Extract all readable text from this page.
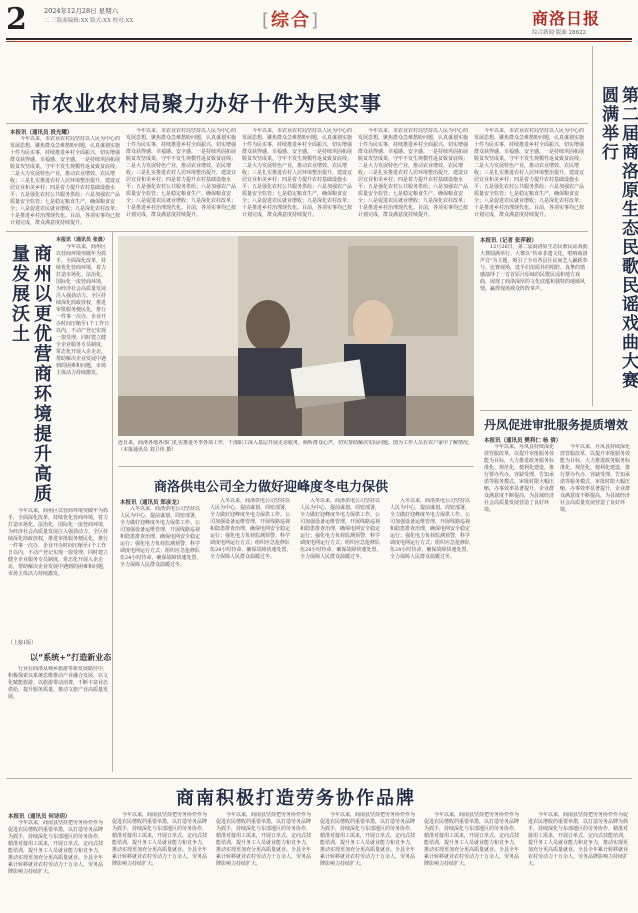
2	2024年12月28日 星期六
二 三版面编辑:XX 版式:XX 校对:XX	[综合]	商洛日报
综合新闻·版面 28622
市农业农村局聚力办好十件为民实事
本报讯（通讯员 段光耀）
今年以来，市农业农村局坚持以人民为中心的发展思想，聚焦群众急难愁盼问题，认真谋划实施十件为民实事，持续推进乡村全面振兴，切实增强群众获得感、幸福感、安全感。一是持续巩固拓展脱贫攻坚成果，守牢不发生规模性返贫致贫底线；二是大力发展特色产业，推动农业增效、农民增收；三是扎实推进农村人居环境整治提升，建设宜居宜业和美乡村；四是着力提升农村基础设施水平；五是强化农村公共服务供给；六是加强农产品质量安全监管；七是稳定粮食生产，确保粮食安全；八是促进农民就业增收；九是深化农村改革；十是推进乡村治理现代化。目前，各项实事均已按计划完成，群众满意度持续提升。
今年以来，市农业农村局坚持以人民为中心的发展思想，聚焦群众急难愁盼问题，认真谋划实施十件为民实事，持续推进乡村全面振兴，切实增强群众获得感、幸福感、安全感。一是持续巩固拓展脱贫攻坚成果，守牢不发生规模性返贫致贫底线；二是大力发展特色产业，推动农业增效、农民增收；三是扎实推进农村人居环境整治提升，建设宜居宜业和美乡村；四是着力提升农村基础设施水平；五是强化农村公共服务供给；六是加强农产品质量安全监管；七是稳定粮食生产，确保粮食安全；八是促进农民就业增收；九是深化农村改革；十是推进乡村治理现代化。目前，各项实事均已按计划完成，群众满意度持续提升。
今年以来，市农业农村局坚持以人民为中心的发展思想，聚焦群众急难愁盼问题，认真谋划实施十件为民实事，持续推进乡村全面振兴，切实增强群众获得感、幸福感、安全感。一是持续巩固拓展脱贫攻坚成果，守牢不发生规模性返贫致贫底线；二是大力发展特色产业，推动农业增效、农民增收；三是扎实推进农村人居环境整治提升，建设宜居宜业和美乡村；四是着力提升农村基础设施水平；五是强化农村公共服务供给；六是加强农产品质量安全监管；七是稳定粮食生产，确保粮食安全；八是促进农民就业增收；九是深化农村改革；十是推进乡村治理现代化。目前，各项实事均已按计划完成，群众满意度持续提升。
今年以来，市农业农村局坚持以人民为中心的发展思想，聚焦群众急难愁盼问题，认真谋划实施十件为民实事，持续推进乡村全面振兴，切实增强群众获得感、幸福感、安全感。一是持续巩固拓展脱贫攻坚成果，守牢不发生规模性返贫致贫底线；二是大力发展特色产业，推动农业增效、农民增收；三是扎实推进农村人居环境整治提升，建设宜居宜业和美乡村；四是着力提升农村基础设施水平；五是强化农村公共服务供给；六是加强农产品质量安全监管；七是稳定粮食生产，确保粮食安全；八是促进农民就业增收；九是深化农村改革；十是推进乡村治理现代化。目前，各项实事均已按计划完成，群众满意度持续提升。
今年以来，市农业农村局坚持以人民为中心的发展思想，聚焦群众急难愁盼问题，认真谋划实施十件为民实事，持续推进乡村全面振兴，切实增强群众获得感、幸福感、安全感。一是持续巩固拓展脱贫攻坚成果，守牢不发生规模性返贫致贫底线；二是大力发展特色产业，推动农业增效、农民增收；三是扎实推进农村人居环境整治提升，建设宜居宜业和美乡村；四是着力提升农村基础设施水平；五是强化农村公共服务供给；六是加强农产品质量安全监管；七是稳定粮食生产，确保粮食安全；八是促进农民就业增收；九是深化农村改革；十是推进乡村治理现代化。目前，各项实事均已按计划完成，群众满意度持续提升。	第二届商洛原生态民歌民谣戏曲大赛圆满举行
本报讯（记者 张萍毅）
12月26日，第二届商洛原生态民歌民谣戏曲大赛圆满举行。大赛以“传承非遗文化，唱响商洛声音”为主题，吸引了全市各县区民间艺人踊跃参与。比赛现场，选手们用质朴的唱腔、真挚的情感演绎了一首首原汁原味的民歌民谣和地方戏曲，展现了商洛深厚的文化底蕴和独特的地域风情，赢得现场观众阵阵掌声。
丹凤促进审批服务提质增效
本报讯（通讯员 樊利仁 杨 倩）
今年以来，丹凤县持续深化放管服改革，以提升审批服务效能为目标，大力推进政务服务标准化、规范化、便利化建设，推行帮办代办、容缺受理、告知承诺等服务模式，审批时限大幅压缩，办事效率显著提升，企业群众满意度不断提高，为县域经济社会高质量发展营造了良好环境。
今年以来，丹凤县持续深化放管服改革，以提升审批服务效能为目标，大力推进政务服务标准化、规范化、便利化建设，推行帮办代办、容缺受理、告知承诺等服务模式，审批时限大幅压缩，办事效率显著提升，企业群众满意度不断提高，为县域经济社会高质量发展营造了良好环境。
商州以更优营商环境提升高质量发展沃土
本报讯（通讯员 张晨）
今年以来，商州区以营商环境突破年为抓手，全面深化改革，持续优化营商环境，着力打造市场化、法治化、国际化一流营商环境，为经济社会高质量发展注入强劲动力。全区持续深化简政放权，推进审批服务便民化，推行一件事一次办，企业开办时间压缩至1个工作日以内，不动产登记实现一窗受理。同时建立健全企业服务专员制度，常态化开展入企走访，帮助解决企业发展中遇到的困难和问题，市场主体活力持续激发。
今年以来，商州区以营商环境突破年为抓手，全面深化改革，持续优化营商环境，着力打造市场化、法治化、国际化一流营商环境，为经济社会高质量发展注入强劲动力。全区持续深化简政放权，推进审批服务便民化，推行一件事一次办，企业开办时间压缩至1个工作日以内，不动产登记实现一窗受理。同时建立健全企业服务专员制度，常态化开展入企走访，帮助解决企业发展中遇到的困难和问题，市场主体活力持续激发。
（上接1版）
以“系统+”打造新业态
行业在商洛从城乡旅游等新发展路径中，积极探索以系统思维推动产业融合发展，以文化赋能旅游，以旅游带动消费，不断丰富业态供给，提升服务质量，推动文旅产业高质量发展。
连日来，商洛各地各部门扎实推进冬季各项工作，干部职工深入基层开展走访服务，倾听群众心声，切实帮助解决实际问题。图为工作人员在农户家中了解情况。（本报通讯员 刘卫伟 摄）
商洛供电公司全力做好迎峰度冬电力保供
本报讯（通讯员 郑彦龙）
入冬以来，商洛供电公司坚持以人民为中心，提前谋划、周密部署，全力做好迎峰度冬电力保供工作。公司加强设备运维管理，开展线路巡视和隐患排查治理，确保电网安全稳定运行；强化电力负荷监测预警，科学调度电网运行方式；组织应急抢修队伍24小时待命，确保故障快速处置，全力保障人民群众温暖过冬。
入冬以来，商洛供电公司坚持以人民为中心，提前谋划、周密部署，全力做好迎峰度冬电力保供工作。公司加强设备运维管理，开展线路巡视和隐患排查治理，确保电网安全稳定运行；强化电力负荷监测预警，科学调度电网运行方式；组织应急抢修队伍24小时待命，确保故障快速处置，全力保障人民群众温暖过冬。
入冬以来，商洛供电公司坚持以人民为中心，提前谋划、周密部署，全力做好迎峰度冬电力保供工作。公司加强设备运维管理，开展线路巡视和隐患排查治理，确保电网安全稳定运行；强化电力负荷监测预警，科学调度电网运行方式；组织应急抢修队伍24小时待命，确保故障快速处置，全力保障人民群众温暖过冬。
入冬以来，商洛供电公司坚持以人民为中心，提前谋划、周密部署，全力做好迎峰度冬电力保供工作。公司加强设备运维管理，开展线路巡视和隐患排查治理，确保电网安全稳定运行；强化电力负荷监测预警，科学调度电网运行方式；组织应急抢修队伍24小时待命，确保故障快速处置，全力保障人民群众温暖过冬。
商南积极打造劳务协作品牌
本报讯（通讯员 何诗玥）
今年以来，商南县坚持把劳务协作作为促进农民增收的重要举措，以打造劳务品牌为抓手，持续深化与东部地区的劳务协作，精准对接用工需求，开展订单式、定向式技能培训，提升务工人员就业能力和竞争力，推动实现更加充分更高质量就业。全县全年累计转移就业农村劳动力十万余人，劳务品牌影响力持续扩大。
今年以来，商南县坚持把劳务协作作为促进农民增收的重要举措，以打造劳务品牌为抓手，持续深化与东部地区的劳务协作，精准对接用工需求，开展订单式、定向式技能培训，提升务工人员就业能力和竞争力，推动实现更加充分更高质量就业。全县全年累计转移就业农村劳动力十万余人，劳务品牌影响力持续扩大。
今年以来，商南县坚持把劳务协作作为促进农民增收的重要举措，以打造劳务品牌为抓手，持续深化与东部地区的劳务协作，精准对接用工需求，开展订单式、定向式技能培训，提升务工人员就业能力和竞争力，推动实现更加充分更高质量就业。全县全年累计转移就业农村劳动力十万余人，劳务品牌影响力持续扩大。
今年以来，商南县坚持把劳务协作作为促进农民增收的重要举措，以打造劳务品牌为抓手，持续深化与东部地区的劳务协作，精准对接用工需求，开展订单式、定向式技能培训，提升务工人员就业能力和竞争力，推动实现更加充分更高质量就业。全县全年累计转移就业农村劳动力十万余人，劳务品牌影响力持续扩大。
今年以来，商南县坚持把劳务协作作为促进农民增收的重要举措，以打造劳务品牌为抓手，持续深化与东部地区的劳务协作，精准对接用工需求，开展订单式、定向式技能培训，提升务工人员就业能力和竞争力，推动实现更加充分更高质量就业。全县全年累计转移就业农村劳动力十万余人，劳务品牌影响力持续扩大。
今年以来，商南县坚持把劳务协作作为促进农民增收的重要举措，以打造劳务品牌为抓手，持续深化与东部地区的劳务协作，精准对接用工需求，开展订单式、定向式技能培训，提升务工人员就业能力和竞争力，推动实现更加充分更高质量就业。全县全年累计转移就业农村劳动力十万余人，劳务品牌影响力持续扩大。
